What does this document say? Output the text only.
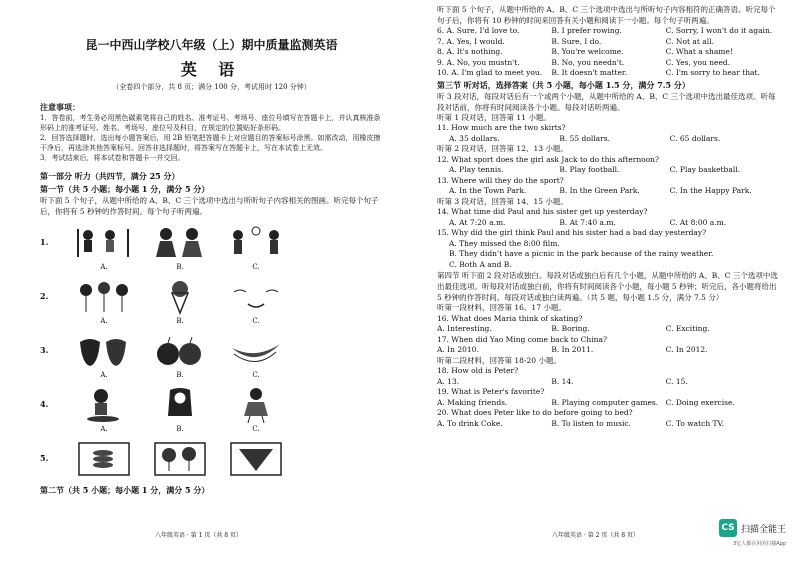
昆一中西山学校八年级（上）期中质量监测英语
英 语
（全卷四个部分，共 8 页；满分 100 分，考试用时 120 分钟）
注意事项：
1．答卷前，考生务必用黑色碳素笔将自己的姓名、准考证号、考场号、座位号填写在答题卡上，并认真核准条形码上的准考证号、姓名、考场号、座位号及科目，在规定的位置贴好条形码。
2．回答选择题时，选出每小题答案后，用 2B 铅笔把答题卡上对应题目的答案标号涂黑。如需改动，用橡皮擦干净后，再选涂其他答案标号。回答非选择题时，将答案写在答题卡上，写在本试卷上无效。
3．考试结束后，将本试卷和答题卡一并交回。
第一部分 听力（共四节，满分 25 分）
第一节（共 5 小题；每小题 1 分，满分 5 分）
听下面 5 个句子，从题中所给的 A、B、C 三个选项中选出与所听句子内容相关的图画。听完每个句子后，你将有 5 秒钟的作答时间。每个句子听两遍。
1.
A.	B.	C.
2.
A.	B.	C.
3.
A.	B.	C.
4.
A.	B.	C.
5.
第二节（共 5 小题；每小题 1 分，满分 5 分）
八年级英语 · 第 1 页（共 8 页）
听下面 5 个句子，从题中所给的 A、B、C 三个选项中选出与所听句子内容相符的正确答语。听完每个句子后，你将有 10 秒钟的时间来回答有关小题和阅读下一小题。每个句子听两遍。
6. A. Sure, I'd love to.	B. I prefer rowing.	C. Sorry, I won't do it again.
7. A. Yes, I would.	B. Sure, I do.	C. Not at all.
8. A. It's nothing.	B. You're welcome.	C. What a shame!
9. A. No, you mustn't.	B. No, you needn't.	C. Yes, you need.
10. A. I'm glad to meet you.	B. It doesn't matter.	C. I'm sorry to hear that.
第三节 听对话，选择答案（共 5 小题，每小题 1.5 分，满分 7.5 分）
听 3 段对话，每段对话后有一个或两个小题，从题中所给的 A、B、C 三个选项中选出最佳选项。听每段对话前，你将有时间阅读各个小题。每段对话听两遍。
听第 1 段对话，回答第 11 小题。
11. How much are the two skirts?
A. 35 dollars.	B. 55 dollars.	C. 65 dollars.
听第 2 段对话，回答第 12、13 小题。
12. What sport does the girl ask Jack to do this afternoon?
A. Play tennis.	B. Play football.	C. Play basketball.
13. Where will they do the sport?
A. In the Town Park.	B. In the Green Park.	C. In the Happy Park.
听第 3 段对话，回答第 14、15 小题。
14. What time did Paul and his sister get up yesterday?
A. At 7:20 a.m.	B. At 7:40 a.m.	C. At 8:00 a.m.
15. Why did the girl think Paul and his sister had a bad day yesterday?
A. They missed the 8:00 film.
B. They didn't have a picnic in the park because of the rainy weather.
C. Both A and B.
第四节 听下面 2 段对话或独白。每段对话或独白后有几个小题，从题中所给的 A、B、C 三个选项中选出最佳选项。听每段对话或独白前，你将有时间阅读各个小题，每小题 5 秒钟；听完后，各小题将给出 5 秒钟的作答时间。每段对话或独白读两遍。（共 5 题，每小题 1.5 分，满分 7.5 分）
听第一段材料，回答第 16、17 小题。
16. What does Maria think of skating?
A. Interesting.	B. Boring.	C. Exciting.
17. When did Yao Ming come back to China?
A. In 2010.	B. In 2011.	C. In 2012.
听第二段材料，回答第 18-20 小题。
18. How old is Peter?
A. 13.	B. 14.	C. 15.
19. What is Peter's favorite?
A. Making friends.	B. Playing computer games.	C. Doing exercise.
20. What does Peter like to do before going to bed?
A. To drink Coke.	B. To listen to music.	C. To watch TV.
八年级英语 · 第 2 页（共 8 页）
CS 扫描全能王
3亿人都在用的扫描App
